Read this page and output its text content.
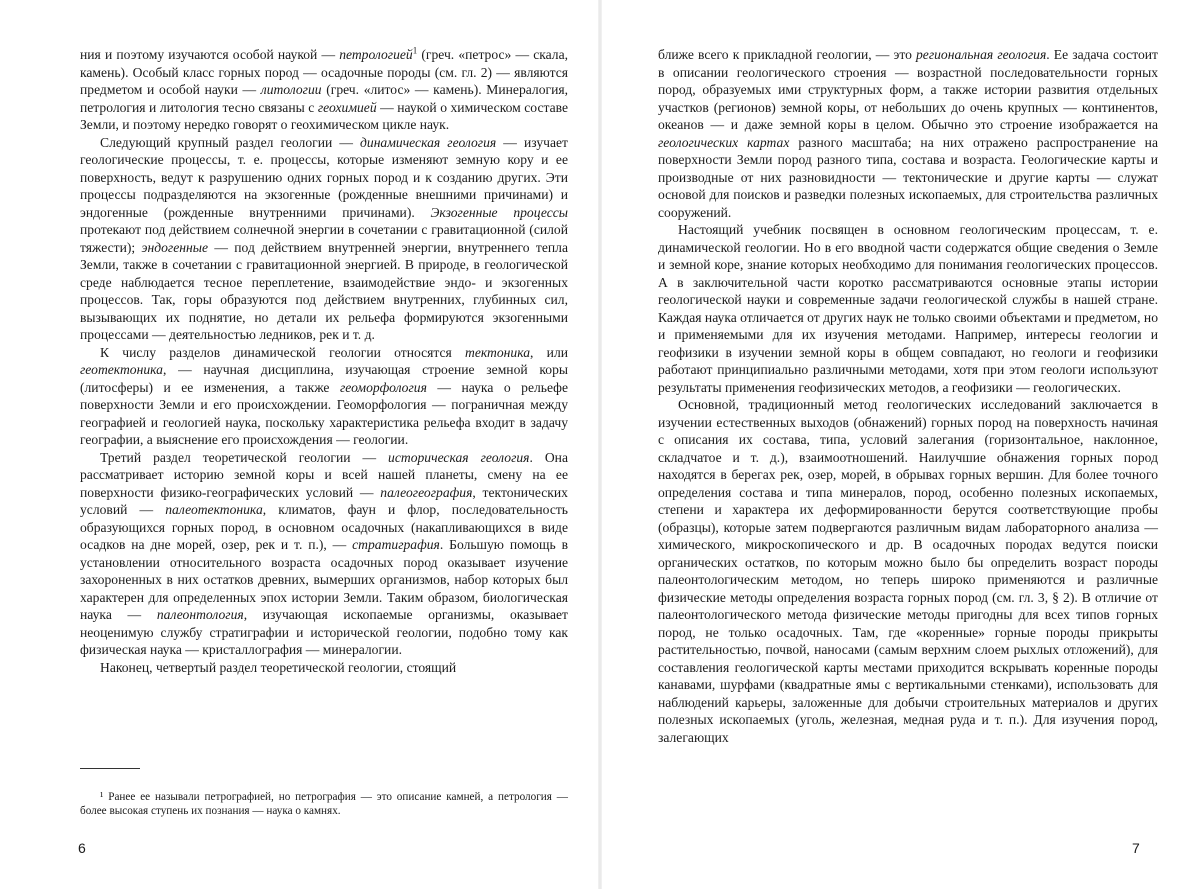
ния и поэтому изучаются особой наукой — петрологией$^1$ (греч. «петрос» — скала, камень). Особый класс горных пород — осадочные породы (см. гл. 2) — являются предметом и особой науки — литологии (греч. «литос» — камень). Минералогия, петрология и литология тесно связаны с геохимией — наукой о химическом составе Земли, и поэтому нередко говорят о геохимическом цикле наук.

Следующий крупный раздел геологии — динамическая геология — изучает геологические процессы, т. е. процессы, которые изменяют земную кору и ее поверхность, ведут к разрушению одних горных пород и к созданию других. Эти процессы подразделяются на экзогенные (рожденные внешними причинами) и эндогенные (рожденные внутренними причинами). Экзогенные процессы протекают под действием солнечной энергии в сочетании с гравитационной (силой тяжести); эндогенные — под действием внутренней энергии, внутреннего тепла Земли, также в сочетании с гравитационной энергией. В природе, в геологической среде наблюдается тесное переплетение, взаимодействие эндо- и экзогенных процессов. Так, горы образуются под действием внутренних, глубинных сил, вызывающих их поднятие, но детали их рельефа формируются экзогенными процессами — деятельностью ледников, рек и т. д.

К числу разделов динамической геологии относятся тектоника, или геотектоника, — научная дисциплина, изучающая строение земной коры (литосферы) и ее изменения, а также геоморфология — наука о рельефе поверхности Земли и его происхождении. Геоморфология — пограничная между географией и геологией наука, поскольку характеристика рельефа входит в задачу географии, а выяснение его происхождения — геологии.

Третий раздел теоретической геологии — историческая геология. Она рассматривает историю земной коры и всей нашей планеты, смену на ее поверхности физико-географических условий — палеогеография, тектонических условий — палеотектоника, климатов, фаун и флор, последовательность образующихся горных пород, в основном осадочных (накапливающихся в виде осадков на дне морей, озер, рек и т. п.), — стратиграфия. Большую помощь в установлении относительного возраста осадочных пород оказывает изучение захороненных в них остатков древних, вымерших организмов, набор которых был характерен для определенных эпох истории Земли. Таким образом, биологическая наука — палеонтология, изучающая ископаемые организмы, оказывает неоценимую службу стратиграфии и исторической геологии, подобно тому как физическая наука — кристаллография — минералогии.

Наконец, четвертый раздел теоретической геологии, стоящий

¹ Ранее ее называли петрографией, но петрография — это описание камней, а петрология — более высокая ступень их познания — наука о камнях.

6

ближе всего к прикладной геологии, — это региональная геология. Ее задача состоит в описании геологического строения — возрастной последовательности горных пород, образуемых ими структурных форм, а также истории развития отдельных участков (регионов) земной коры, от небольших до очень крупных — континентов, океанов — и даже земной коры в целом. Обычно это строение изображается на геологических картах разного масштаба; на них отражено распространение на поверхности Земли пород разного типа, состава и возраста. Геологические карты и производные от них разновидности — тектонические и другие карты — служат основой для поисков и разведки полезных ископаемых, для строительства различных сооружений.

Настоящий учебник посвящен в основном геологическим процессам, т. е. динамической геологии. Но в его вводной части содержатся общие сведения о Земле и земной коре, знание которых необходимо для понимания геологических процессов. А в заключительной части коротко рассматриваются основные этапы истории геологической науки и современные задачи геологической службы в нашей стране. Каждая наука отличается от других наук не только своими объектами и предметом, но и применяемыми для их изучения методами. Например, интересы геологии и геофизики в изучении земной коры в общем совпадают, но геологи и геофизики работают принципиально различными методами, хотя при этом геологи используют результаты применения геофизических методов, а геофизики — геологических.

Основной, традиционный метод геологических исследований заключается в изучении естественных выходов (обнажений) горных пород на поверхность начиная с описания их состава, типа, условий залегания (горизонтальное, наклонное, складчатое и т. д.), взаимоотношений. Наилучшие обнажения горных пород находятся в берегах рек, озер, морей, в обрывах горных вершин. Для более точного определения состава и типа минералов, пород, особенно полезных ископаемых, степени и характера их деформированности берутся соответствующие пробы (образцы), которые затем подвергаются различным видам лабораторного анализа — химического, микроскопического и др. В осадочных породах ведутся поиски органических остатков, по которым можно было бы определить возраст породы палеонтологическим методом, но теперь широко применяются и различные физические методы определения возраста горных пород (см. гл. 3, § 2). В отличие от палеонтологического метода физические методы пригодны для всех типов горных пород, не только осадочных. Там, где «коренные» горные породы прикрыты растительностью, почвой, наносами (самым верхним слоем рыхлых отложений), для составления геологической карты местами приходится вскрывать коренные породы канавами, шурфами (квадратные ямы с вертикальными стенками), использовать для наблюдений карьеры, заложенные для добычи строительных материалов и других полезных ископаемых (уголь, железная, медная руда и т. п.). Для изучения пород, залегающих

7
